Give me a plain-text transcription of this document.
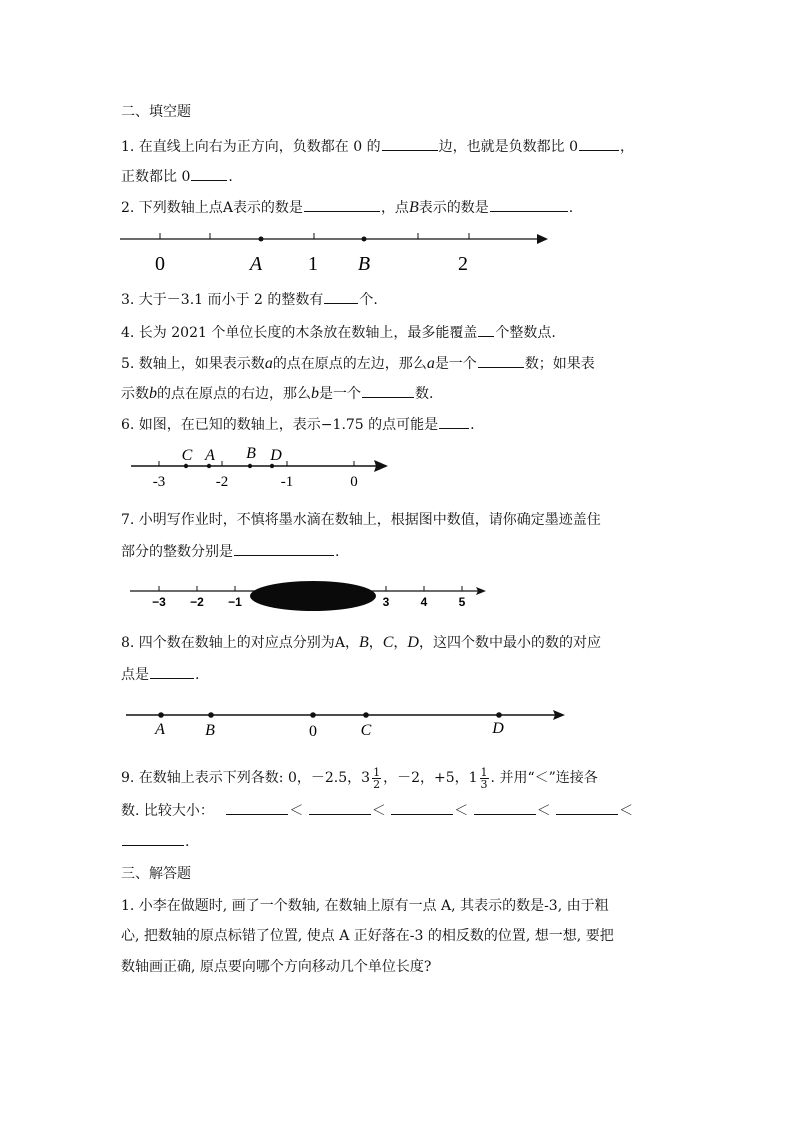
二、填空题
1. 在直线上向右为正方向，负数都在 0 的	边，也就是负数都比 0	，
正数都比 0	.
2. 下列数轴上点A表示的数是	，点B表示的数是	.
0	A 1 B	2
3. 大于－3.1 而小于 2 的整数有	个.
4. 长为 2021 个单位长度的木条放在数轴上，最多能覆盖 个整数点.
5. 数轴上，如果表示数a的点在原点的左边，那么a是一个	数；如果表
示数b的点在原点的右边，那么b是一个	数.
6. 如图，在已知的数轴上，表示−1.75 的点可能是 .
C A B D
-3	-2	-1	0
7. 小明写作业时，不慎将墨水滴在数轴上，根据图中数值，请你确定墨迹盖住
部分的整数分别是	.
−3 −2 −1	3	4	5
8. 四个数在数轴上的对应点分别为A，B，C，D，这四个数中最小的数的对应
点是	.
A	B	0	C	D
9. 在数轴上表示下列各数: 0，－2.5，$3 \frac{1}{2}$ ，－2，+5，$1 \frac{1}{3}$ . 并用“＜”连接各
数. 比较大小：	＜	＜	＜	＜	＜
.
三、解答题
1. 小李在做题时, 画了一个数轴, 在数轴上原有一点 A, 其表示的数是-3, 由于粗
心, 把数轴的原点标错了位置, 使点 A 正好落在-3 的相反数的位置, 想一想, 要把
数轴画正确, 原点要向哪个方向移动几个单位长度?
